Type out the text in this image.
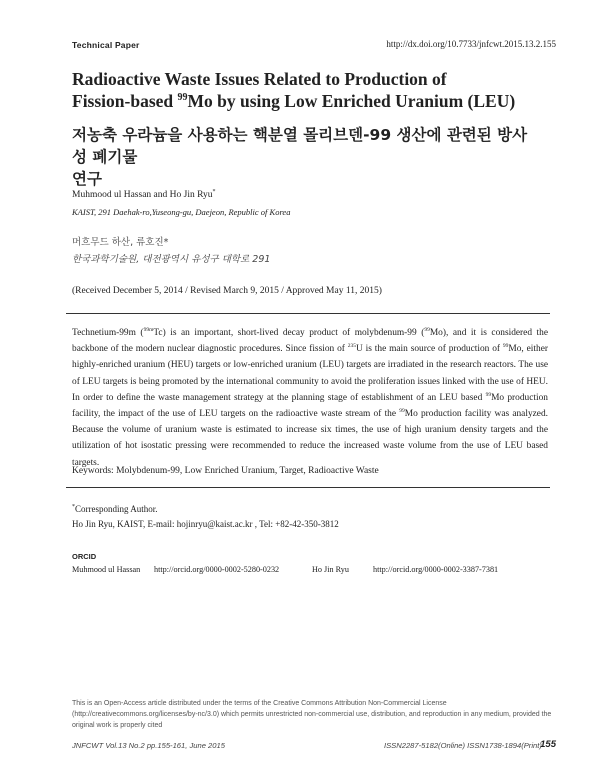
Technical Paper	http://dx.doi.org/10.7733/jnfcwt.2015.13.2.155
Radioactive Waste Issues Related to Production of
Fission-based $^{99}$Mo by using Low Enriched Uranium (LEU)
저농축 우라늄을 사용하는 핵분열 몰리브덴-99 생산에 관련된 방사성 폐기물
연구
Muhmood ul Hassan and Ho Jin Ryu*
KAIST, 291 Daehak-ro,Yuseong-gu, Daejeon, Republic of Korea
머흐무드 하산, 류호진*
한국과학기술원, 대전광역시 유성구 대학로 291
(Received December 5, 2014 / Revised March 9, 2015 / Approved May 11, 2015)
Technetium-99m ($^{99m}$Tc) is an important, short-lived decay product of molybdenum-99 ($^{99}$Mo), and it is considered the backbone of the modern nuclear diagnostic procedures. Since fission of $^{235}$U is the main source of production of $^{99}$Mo, either highly-enriched uranium (HEU) targets or low-enriched uranium (LEU) targets are irradiated in the research reactors. The use of LEU targets is being promoted by the international community to avoid the proliferation issues linked with the use of HEU. In order to define the waste management strategy at the planning stage of establishment of an LEU based $^{99}$Mo production facility, the impact of the use of LEU targets on the radioactive waste stream of the $^{99}$Mo production facility was analyzed. Because the volume of uranium waste is estimated to increase six times, the use of high uranium density targets and the utilization of hot isostatic pressing were recommended to reduce the increased waste volume from the use of LEU based targets.
Keywords: Molybdenum-99, Low Enriched Uranium, Target, Radioactive Waste
*Corresponding Author.
Ho Jin Ryu, KAIST, E-mail: hojinryu@kaist.ac.kr , Tel: +82-42-350-3812
ORCID
Muhmood ul Hassan http://orcid.org/0000-0002-5280-0232	Ho Jin Ryu	http://orcid.org/0000-0002-3387-7381
This is an Open-Access article distributed under the terms of the Creative Commons Attribution Non-Commercial License (http://creativecommons.org/licenses/by-nc/3.0) which permits unrestricted non-commercial use, distribution, and reproduction in any medium, provided the original work is properly cited
JNFCWT Vol.13 No.2 pp.155-161, June 2015	ISSN2287-5182(Online) ISSN1738-1894(Print)
155
